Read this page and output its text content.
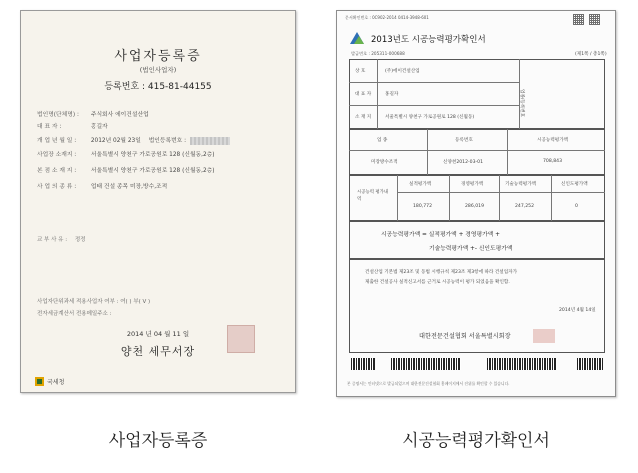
사업자등록증
(법인사업자)
등록번호 : 415-81-44155
법인명(단체명) : 주식회사 에이건설산업
대 표 자 :	홍길자
개 업 년 월 일 :	2012년 02월 23일 법인등록번호 :
사업장 소재지 :	서울특별시 양천구 가로공원로 128 (신월동,2층)
본 점 소 재 지 :	서울특별시 양천구 가로공원로 128 (신월동,2층)
사 업 의 종 류 :	업태 건설 종목 미장,방수,조적
교 부 사 유 : 정정
사업자단위과세 적용사업자 여부 : 여( ) 부( V )
전자세금계산서 전용메일주소 :
2014 년 04 월 11 일
양천 세무서장
국세청
문서확인번호 : 0C902-2014 0414-3948-601
2013년도 시공능력평가확인서
발급번호 : 205311-000688	(제1쪽 / 총1쪽)
상 호	(주)에이건설산업
대 표 자	홍길자
소 재 지	서울특별시 양천구 가로공원로 128 (신월동)
업종/등록번호
업 종	등록번호	시공능력평가액
미장방수조적	신양천2012-03-01	708,843
시공능력 평가내역
실적평가액	경영평가액	기술능력평가액	신인도평가액
180,772	286,019	247,252	0
시공능력평가액 = 실적평가액 + 경영평가액 +
기술능력평가액 +- 신인도평가액
건설산업 기본법 제23조 및 동법 시행규칙 제23조 제3항에 따라 건설업자가
제출한 건설공사 실적신고서를 근거로 시공능력이 평가 되었음을 확인함.
2014년 4월 14일
대한전문건설협회 서울특별시회장
본 증명서는 인터넷으로 발급되었으며 대한전문건설협회 홈페이지에서 진위를 확인할 수 있습니다.
사업자등록증	시공능력평가확인서
